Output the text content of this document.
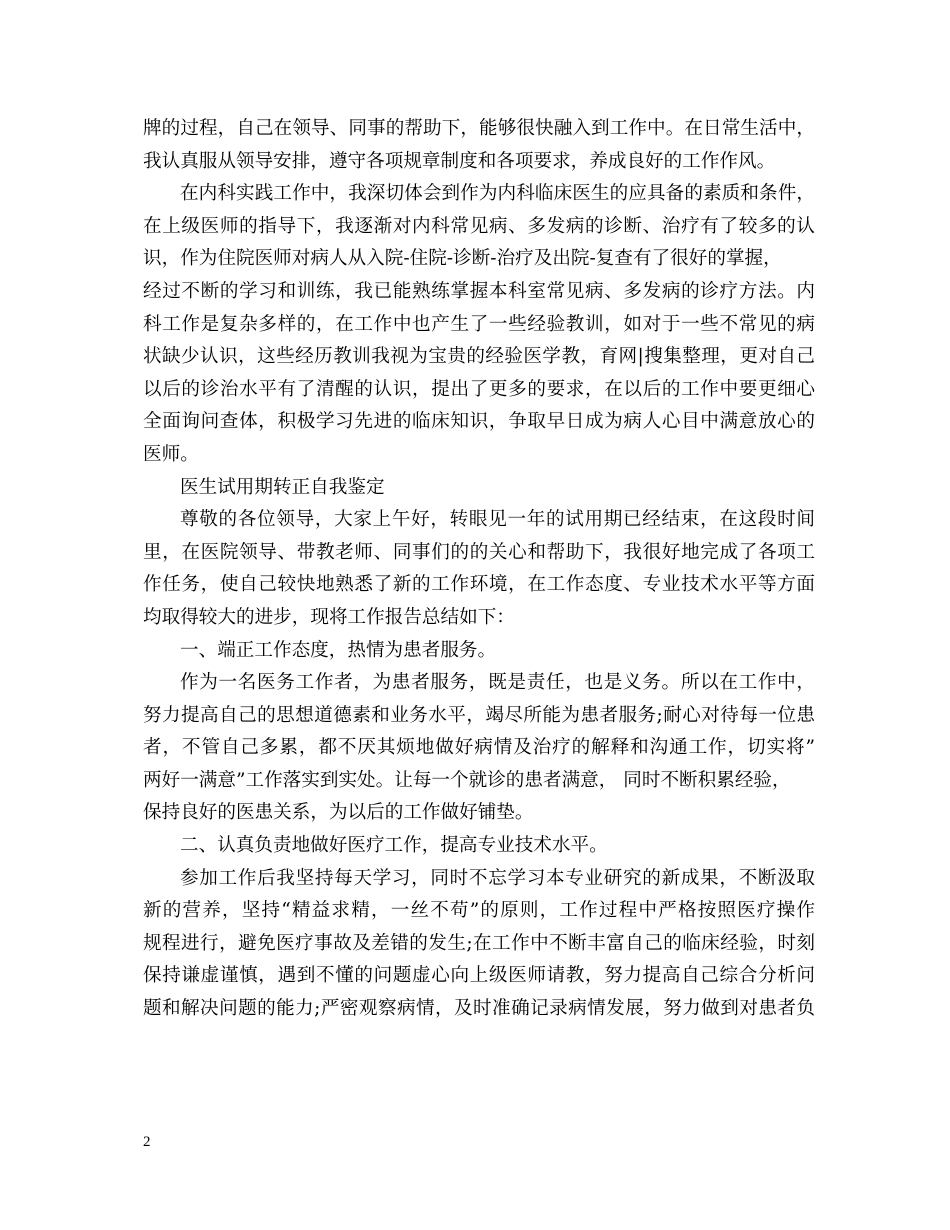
牌的过程，自己在领导、同事的帮助下，能够很快融入到工作中。在日常生活中，
我认真服从领导安排，遵守各项规章制度和各项要求，养成良好的工作作风。
在内科实践工作中，我深切体会到作为内科临床医生的应具备的素质和条件，
在上级医师的指导下，我逐渐对内科常见病、多发病的诊断、治疗有了较多的认
识，作为住院医师对病人从入院-住院-诊断-治疗及出院-复查有了很好的掌握，
经过不断的学习和训练，我已能熟练掌握本科室常见病、多发病的诊疗方法。内
科工作是复杂多样的，在工作中也产生了一些经验教训，如对于一些不常见的病
状缺少认识，这些经历教训我视为宝贵的经验医学教，育网|搜集整理，更对自己
以后的诊治水平有了清醒的认识，提出了更多的要求，在以后的工作中要更细心
全面询问查体，积极学习先进的临床知识，争取早日成为病人心目中满意放心的
医师。
医生试用期转正自我鉴定
尊敬的各位领导，大家上午好，转眼见一年的试用期已经结束，在这段时间
里，在医院领导、带教老师、同事们的的关心和帮助下，我很好地完成了各项工
作任务，使自己较快地熟悉了新的工作环境，在工作态度、专业技术水平等方面
均取得较大的进步，现将工作报告总结如下：
一、端正工作态度，热情为患者服务。
作为一名医务工作者，为患者服务，既是责任，也是义务。所以在工作中，
努力提高自己的思想道德素和业务水平，竭尽所能为患者服务;耐心对待每一位患
者，不管自己多累，都不厌其烦地做好病情及治疗的解释和沟通工作，切实将”
两好一满意”工作落实到实处。让每一个就诊的患者满意， 同时不断积累经验，
保持良好的医患关系，为以后的工作做好铺垫。
二、认真负责地做好医疗工作，提高专业技术水平。
参加工作后我坚持每天学习，同时不忘学习本专业研究的新成果，不断汲取
新的营养，坚持“精益求精，一丝不苟”的原则，工作过程中严格按照医疗操作
规程进行，避免医疗事故及差错的发生;在工作中不断丰富自己的临床经验，时刻
保持谦虚谨慎，遇到不懂的问题虚心向上级医师请教，努力提高自己综合分析问
题和解决问题的能力;严密观察病情，及时准确记录病情发展，努力做到对患者负
2
